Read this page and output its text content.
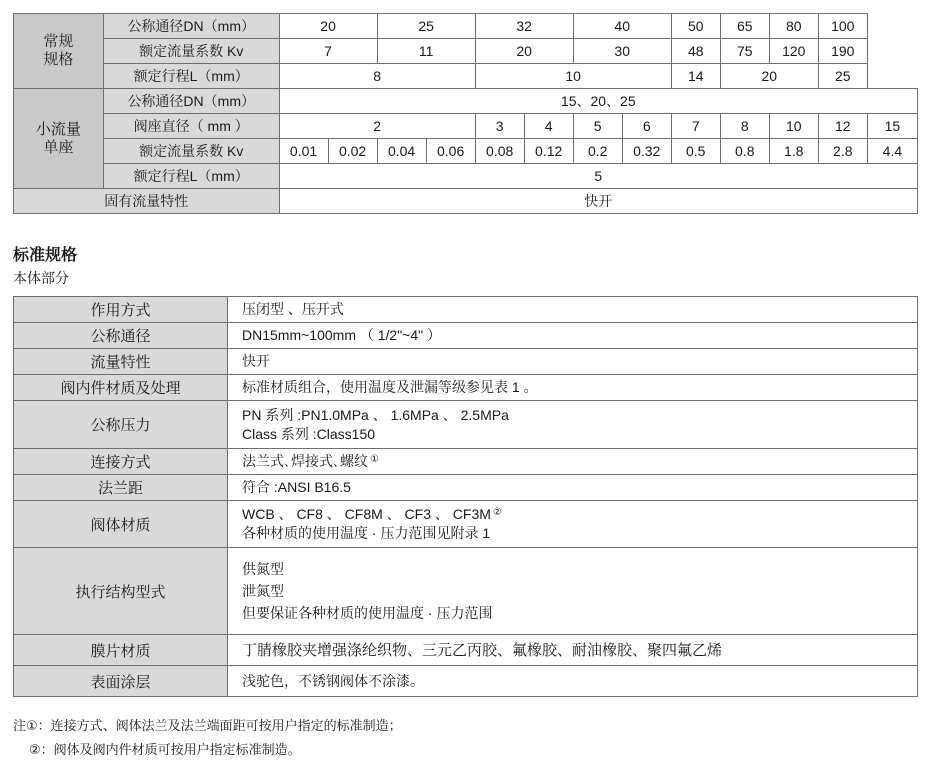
常规
规格	公称通径DN（mm）	20		25		32		40		50	65	80	100	
	额定流量系数 Kv	7		11		20		30		48	75	120	190	
	额定行程L（mm）	8				10				14	20		25	
小流量
单座	公称通径DN（mm）	15、20、25												
	阀座直径（ mm ）	2				3	4	5	6	7	8	10	12	15
	额定流量系数 Kv	0.01	0.02	0.04	0.06	0.08	0.12	0.2	0.32	0.5	0.8	1.8	2.8	4.4
	额定行程L（mm）	5												
固有流量特性		快开												
标准规格
本体部分
作用方式	压闭型 、压开式

公称通径	DN15mm~100mm （ 1/2"~4" ）

流量特性	快开

阀内件材质及处理	标准材质组合，使用温度及泄漏等级参见表 1 。

公称压力	PN 系列 :PN1.0MPa 、 1.6MPa 、 2.5MPa
Class 系列 :Class150

连接方式	法兰式､焊接式､螺纹 ①
法兰距	符合 :ANSI B16.5

阀体材质	WCB 、 CF8 、 CF8M 、 CF3 、 CF3M ②
各种材质的使用温度 · 压力范围见附录 1

执行结构型式	供氮型
泄氮型
但要保证各种材质的使用温度 · 压力范围

膜片材质	丁腈橡胶夹增强涤纶织物、三元乙丙胶、氟橡胶、耐油橡胶、聚四氟乙烯

表面涂层	浅驼色，不锈钢阀体不涂漆。
注①：连接方式、阀体法兰及法兰端面距可按用户指定的标准制造；
②：阀体及阀内件材质可按用户指定标准制造。
